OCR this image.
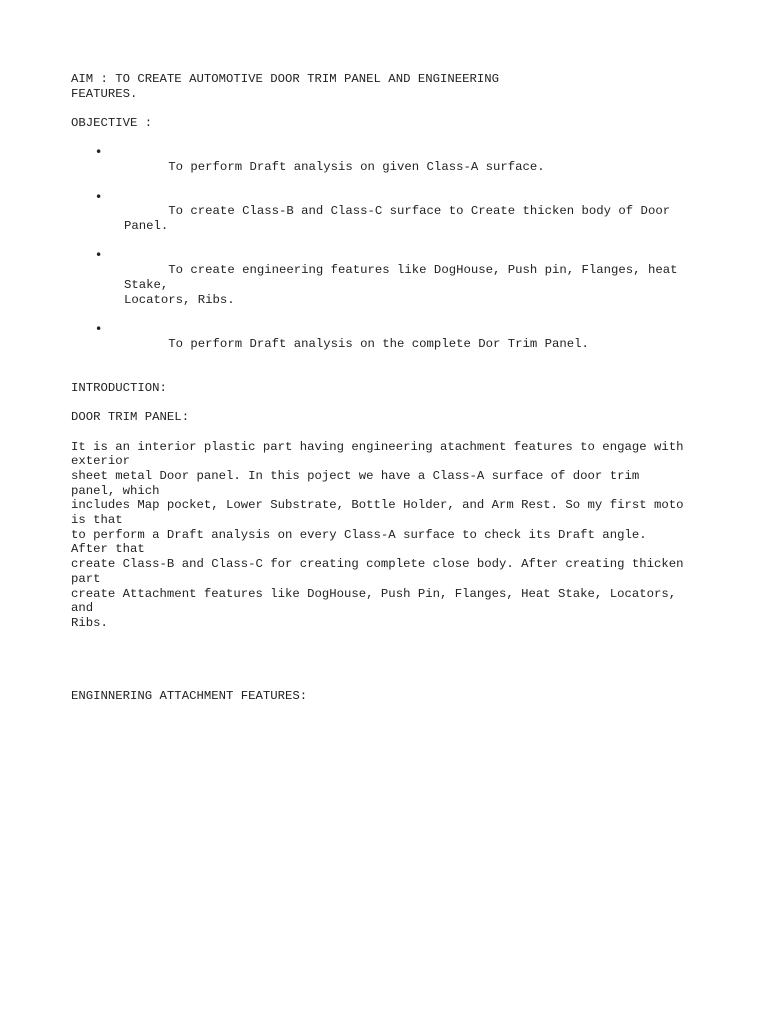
AIM : TO CREATE AUTOMOTIVE DOOR TRIM PANEL AND ENGINEERING

FEATURES.

OBJECTIVE :

•
To perform Draft analysis on given Class-A surface.

•
To create Class-B and Class-C surface to Create thicken body of Door Panel.

•
To create engineering features like DogHouse, Push pin, Flanges, heat Stake,
Locators, Ribs.

•
To perform Draft analysis on the complete Dor Trim Panel.

INTRODUCTION:

DOOR TRIM PANEL:

It is an interior plastic part having engineering atachment features to engage with
exterior
sheet metal Door panel. In this poject we have a Class-A surface of door trim
panel, which
includes Map pocket, Lower Substrate, Bottle Holder, and Arm Rest. So my first moto
is that
to perform a Draft analysis on every Class-A surface to check its Draft angle.
After that
create Class-B and Class-C for creating complete close body. After creating thicken
part
create Attachment features like DogHouse, Push Pin, Flanges, Heat Stake, Locators,
and
Ribs.

ENGINNERING ATTACHMENT FEATURES:
